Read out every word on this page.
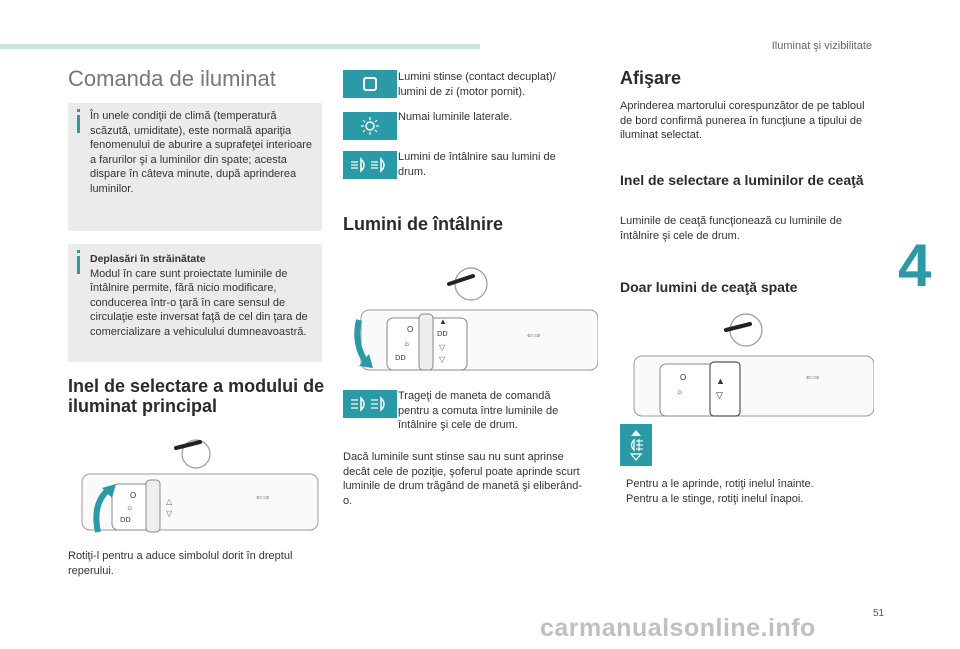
Iluminat şi vizibilitate
4
51
carmanualsonline.info
Comanda de iluminat
În unele condiţii de climă (temperatură scăzută, umiditate), este normală apariţia fenomenului de aburire a suprafeţei interioare a farurilor şi a luminilor din spate; acesta dispare în câteva minute, după aprinderea luminilor.
Deplasări în străinătate
Modul în care sunt proiectate luminile de întâlnire permite, fără nicio modificare, conducerea într-o ţară în care sensul de circulaţie este inversat faţă de cel din ţara de comercializare a vehiculului dumneavoastră.
Inel de selectare a modului de iluminat principal
O
☼
ⅮⅮ
△
▽
⇐⇒
Rotiţi-l pentru a aduce simbolul dorit în dreptul reperului.
Lumini stinse (contact decuplat)/ lumini de zi (motor pornit).
Numai luminile laterale.
Lumini de întâlnire sau lumini de drum.
Lumini de întâlnire
O
☼
ⅮⅮ
▲
ⅮⅮ
▽
▽
⇐⇒
Trageţi de maneta de comandă pentru a comuta între luminile de întâlnire şi cele de drum.
Dacă luminile sunt stinse sau nu sunt aprinse decât cele de poziţie, şoferul poate aprinde scurt luminile de drum trăgând de manetă şi eliberând-o.
Afişare
Aprinderea martorului corespunzător de pe tabloul de bord confirmă punerea în funcţiune a tipului de iluminat selectat.
Inel de selectare a luminilor de ceaţă
Luminile de ceaţă funcţionează cu luminile de întâlnire şi cele de drum.
Doar lumini de ceaţă spate
O
☼
▲
▽
⇐⇒
Pentru a le aprinde, rotiţi inelul înainte.
Pentru a le stinge, rotiţi inelul înapoi.
